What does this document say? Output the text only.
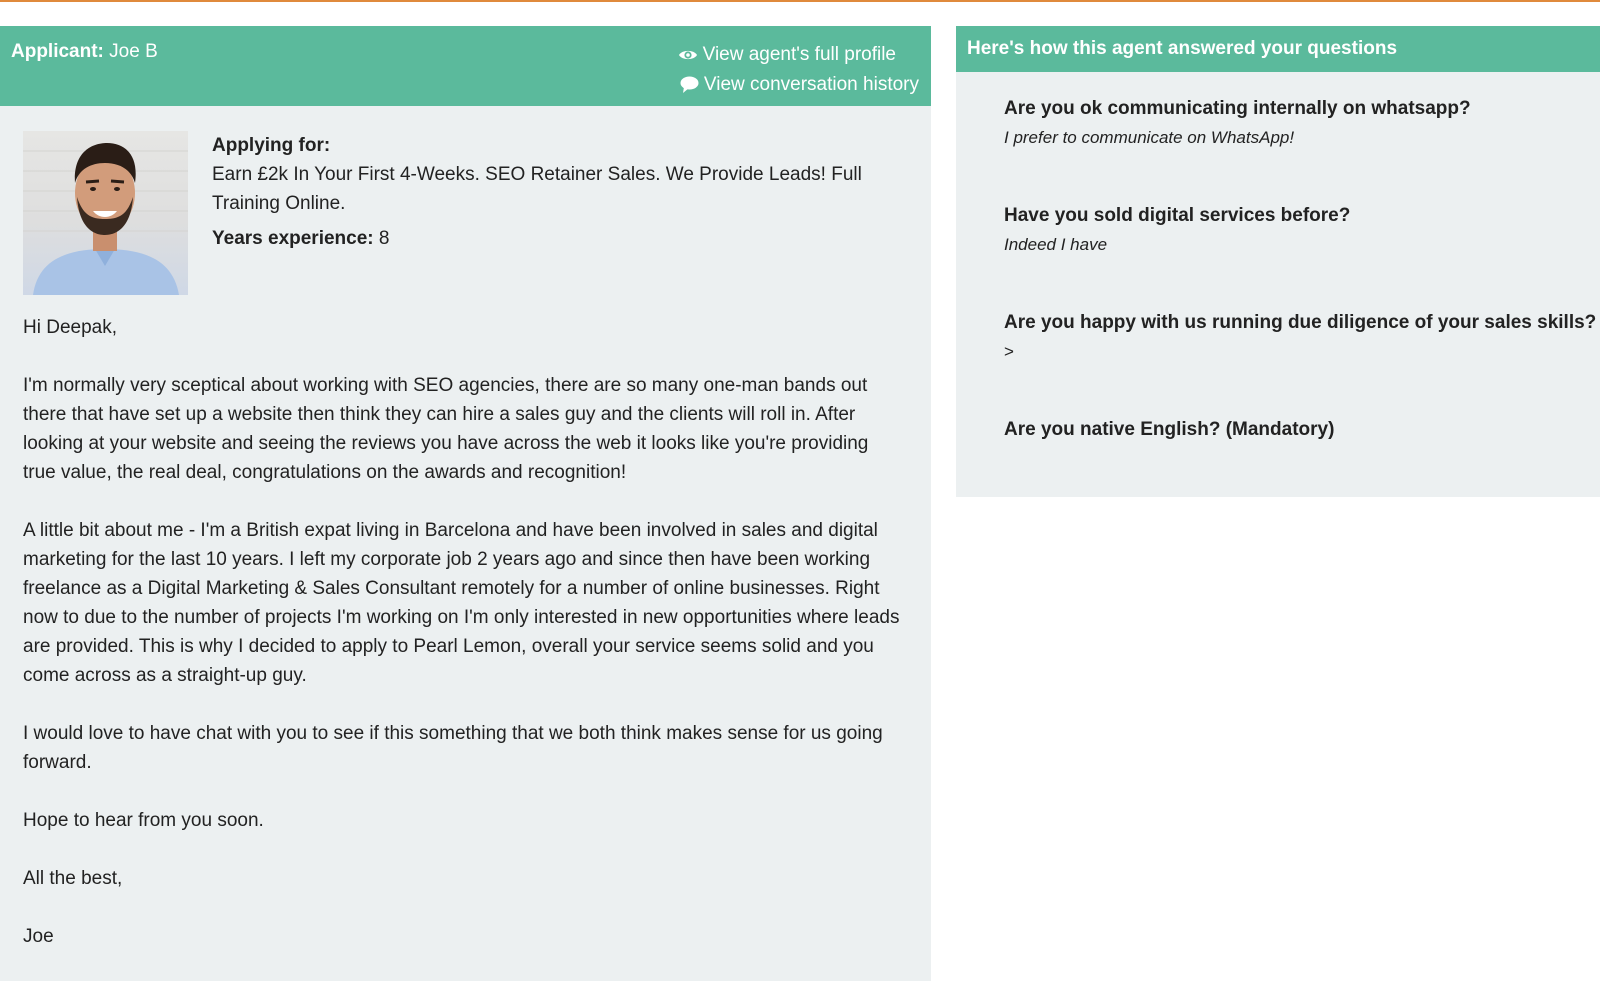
Applicant: Joe B	View agent's full profile
View conversation history
Applying for:
Earn £2k In Your First 4-Weeks. SEO Retainer Sales. We Provide Leads! Full Training Online.
Years experience: 8

Hi Deepak,

I'm normally very sceptical about working with SEO agencies, there are so many one-man bands out there that have set up a website then think they can hire a sales guy and the clients will roll in. After looking at your website and seeing the reviews you have across the web it looks like you're providing true value, the real deal, congratulations on the awards and recognition!

A little bit about me - I'm a British expat living in Barcelona and have been involved in sales and digital marketing for the last 10 years. I left my corporate job 2 years ago and since then have been working freelance as a Digital Marketing & Sales Consultant remotely for a number of online businesses. Right now to due to the number of projects I'm working on I'm only interested in new opportunities where leads are provided. This is why I decided to apply to Pearl Lemon, overall your service seems solid and you come across as a straight-up guy.

I would love to have chat with you to see if this something that we both think makes sense for us going forward.

Hope to hear from you soon.

All the best,

Joe

Here's how this agent answered your questions
Are you ok communicating internally on whatsapp?
I prefer to communicate on WhatsApp!
Have you sold digital services before?
Indeed I have
Are you happy with us running due diligence of your sales skills?
>
Are you native English? (Mandatory)
